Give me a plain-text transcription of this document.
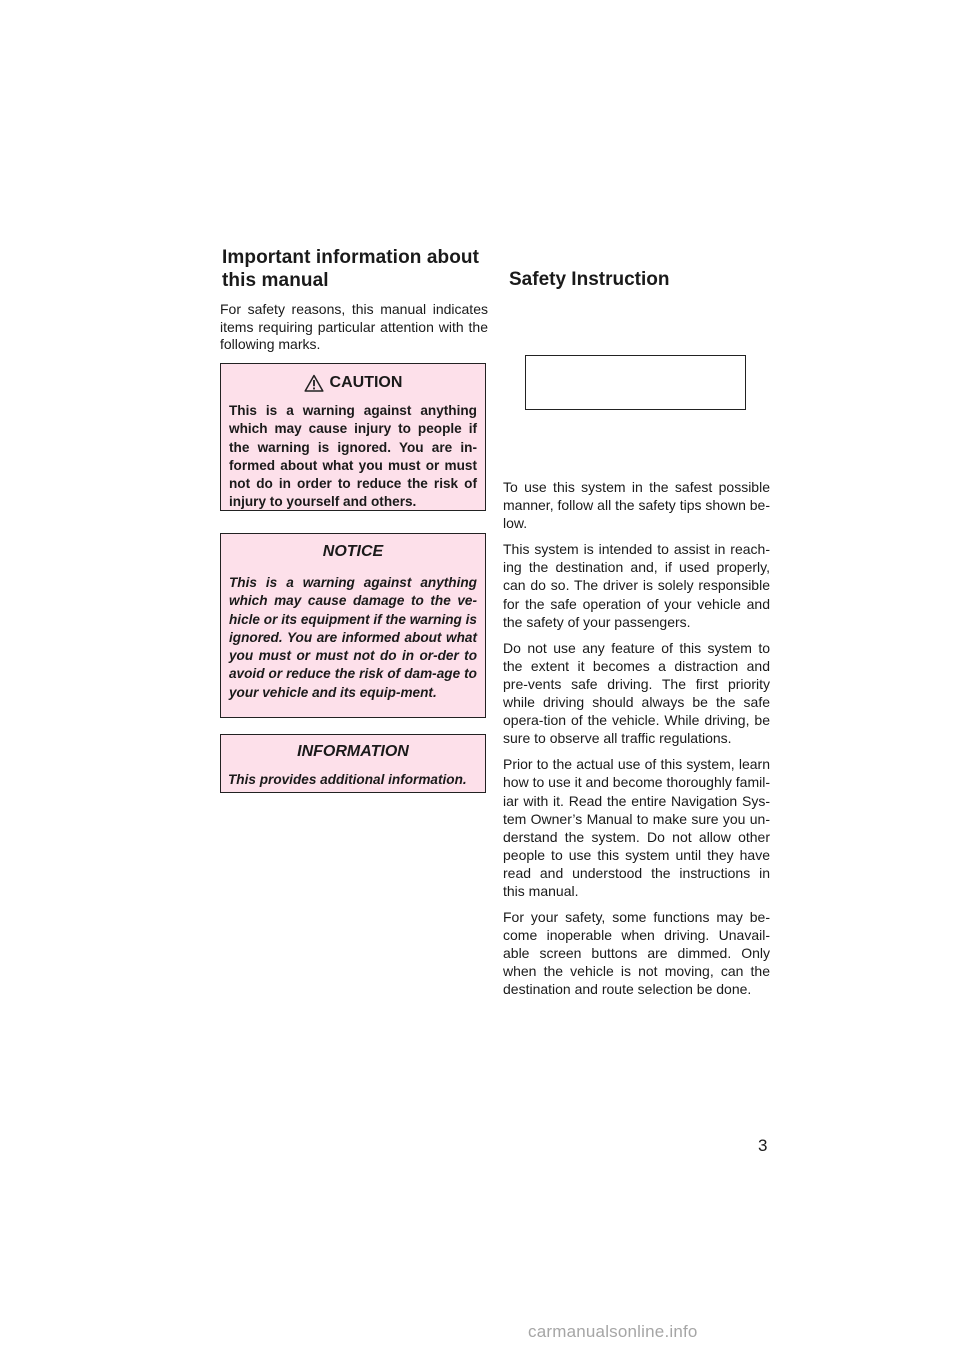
Important information about
this manual	Safety Instruction
For safety reasons, this manual indicates items requiring particular attention with the following marks.
CAUTION
This is a warning against anything which may cause injury to people if the warning is ignored. You are in-formed about what you must or must not do in order to reduce the risk of injury to yourself and others.
NOTICE
This is a warning against anything which may cause damage to the ve-hicle or its equipment if the warning is ignored. You are informed about what you must or must not do in or-der to avoid or reduce the risk of dam-age to your vehicle and its equip-ment.
INFORMATION
This provides additional information.

To use this system in the safest possible manner, follow all the safety tips shown be-low.

This system is intended to assist in reach-ing the destination and, if used properly, can do so. The driver is solely responsible for the safe operation of your vehicle and the safety of your passengers.

Do not use any feature of this system to the extent it becomes a distraction and pre-vents safe driving. The first priority while driving should always be the safe opera-tion of the vehicle. While driving, be sure to observe all traffic regulations.

Prior to the actual use of this system, learn how to use it and become thoroughly famil-iar with it. Read the entire Navigation Sys-tem Owner’s Manual to make sure you un-derstand the system. Do not allow other people to use this system until they have read and understood the instructions in this manual.

For your safety, some functions may be-come inoperable when driving. Unavail-able screen buttons are dimmed. Only when the vehicle is not moving, can the destination and route selection be done.

3
carmanualsonline.info
